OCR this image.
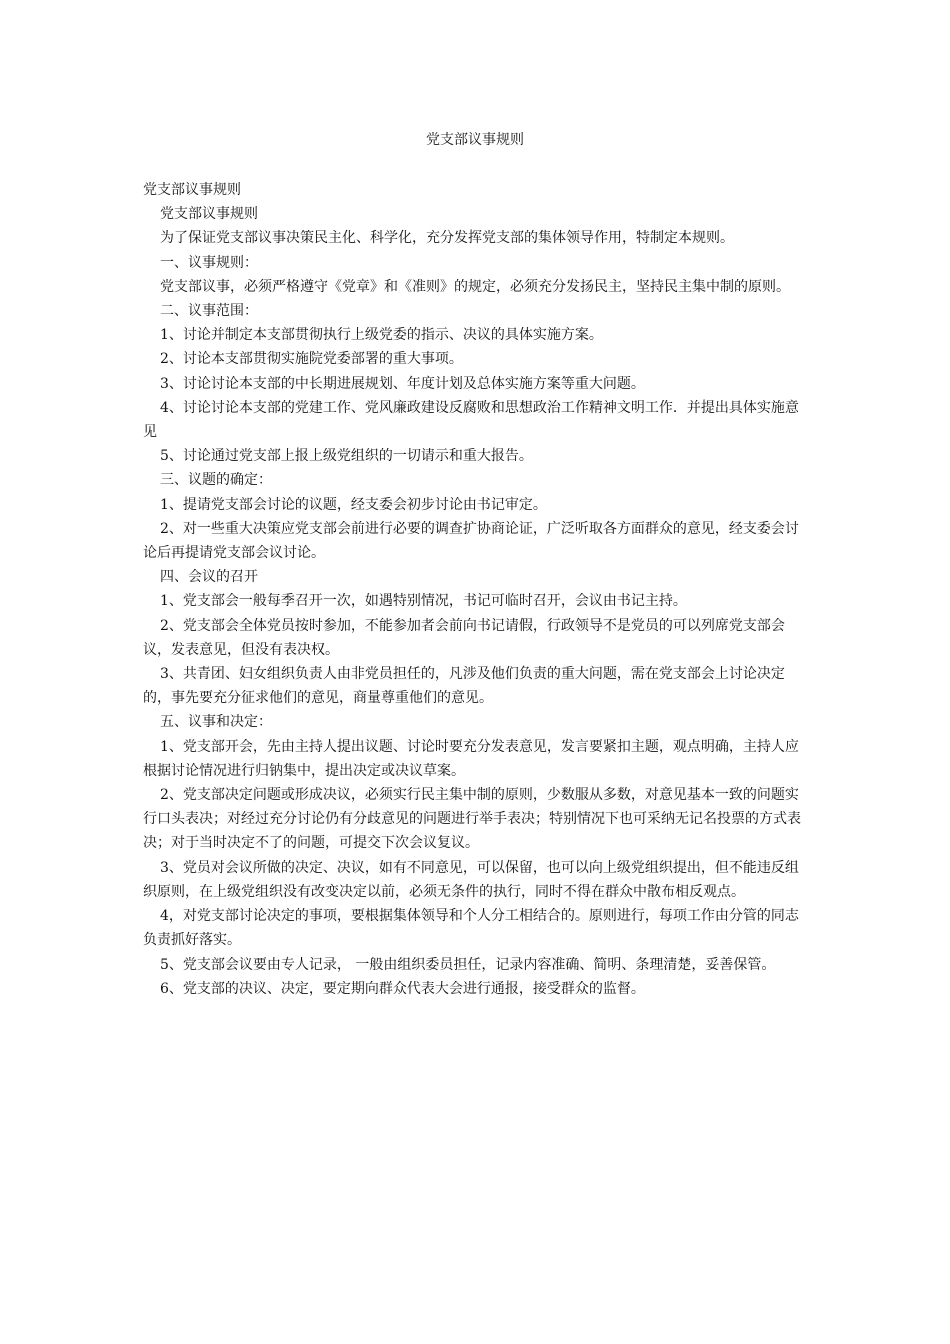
党支部议事规则

党支部议事规则

党支部议事规则

为了保证党支部议事决策民主化、科学化，充分发挥党支部的集体领导作用，特制定本规则。

一、议事规则：

党支部议事，必须严格遵守《党章》和《准则》的规定，必须充分发扬民主，坚持民主集中制的原则。

二、议事范围：

1、讨论并制定本支部贯彻执行上级党委的指示、决议的具体实施方案。

2、讨论本支部贯彻实施院党委部署的重大事项。

3、讨论讨论本支部的中长期进展规划、年度计划及总体实施方案等重大问题。

4、讨论讨论本支部的党建工作、党风廉政建设反腐败和思想政治工作精神文明工作．并提出具体实施意见

5、讨论通过党支部上报上级党组织的一切请示和重大报告。

三、议题的确定：

1、提请党支部会讨论的议题，经支委会初步讨论由书记审定。

2、对一些重大决策应党支部会前进行必要的调查扩协商论证，广泛听取各方面群众的意见，经支委会讨论后再提请党支部会议讨论。

四、会议的召开

1、党支部会一般每季召开一次，如遇特别情况，书记可临时召开，会议由书记主持。

2、党支部会全体党员按时参加，不能参加者会前向书记请假，行政领导不是党员的可以列席党支部会议，发表意见，但没有表决权。

3、共青团、妇女组织负责人由非党员担任的，凡涉及他们负责的重大问题，需在党支部会上讨论决定的，事先要充分征求他们的意见，商量尊重他们的意见。

五、议事和决定：

1、党支部开会，先由主持人提出议题、讨论时要充分发表意见，发言要紧扣主题，观点明确，主持人应根据讨论情况进行归钠集中，提出决定或决议草案。

2、党支部决定问题或形成决议，必须实行民主集中制的原则，少数服从多数，对意见基本一致的问题实行口头表决；对经过充分讨论仍有分歧意见的问题进行举手表决；特别情况下也可采纳无记名投票的方式表决；对于当时决定不了的问题，可提交下次会议复议。

3、党员对会议所做的决定、决议，如有不同意见，可以保留，也可以向上级党组织提出，但不能违反组织原则，在上级党组织没有改变决定以前，必须无条件的执行，同时不得在群众中散布相反观点。

4，对党支部讨论决定的事项，要根据集体领导和个人分工相结合的。原则进行，每项工作由分管的同志负责抓好落实。

5、党支部会议要由专人记录， 一般由组织委员担任，记录内容准确、简明、条理清楚，妥善保管。

6、党支部的决议、决定，要定期向群众代表大会进行通报，接受群众的监督。
